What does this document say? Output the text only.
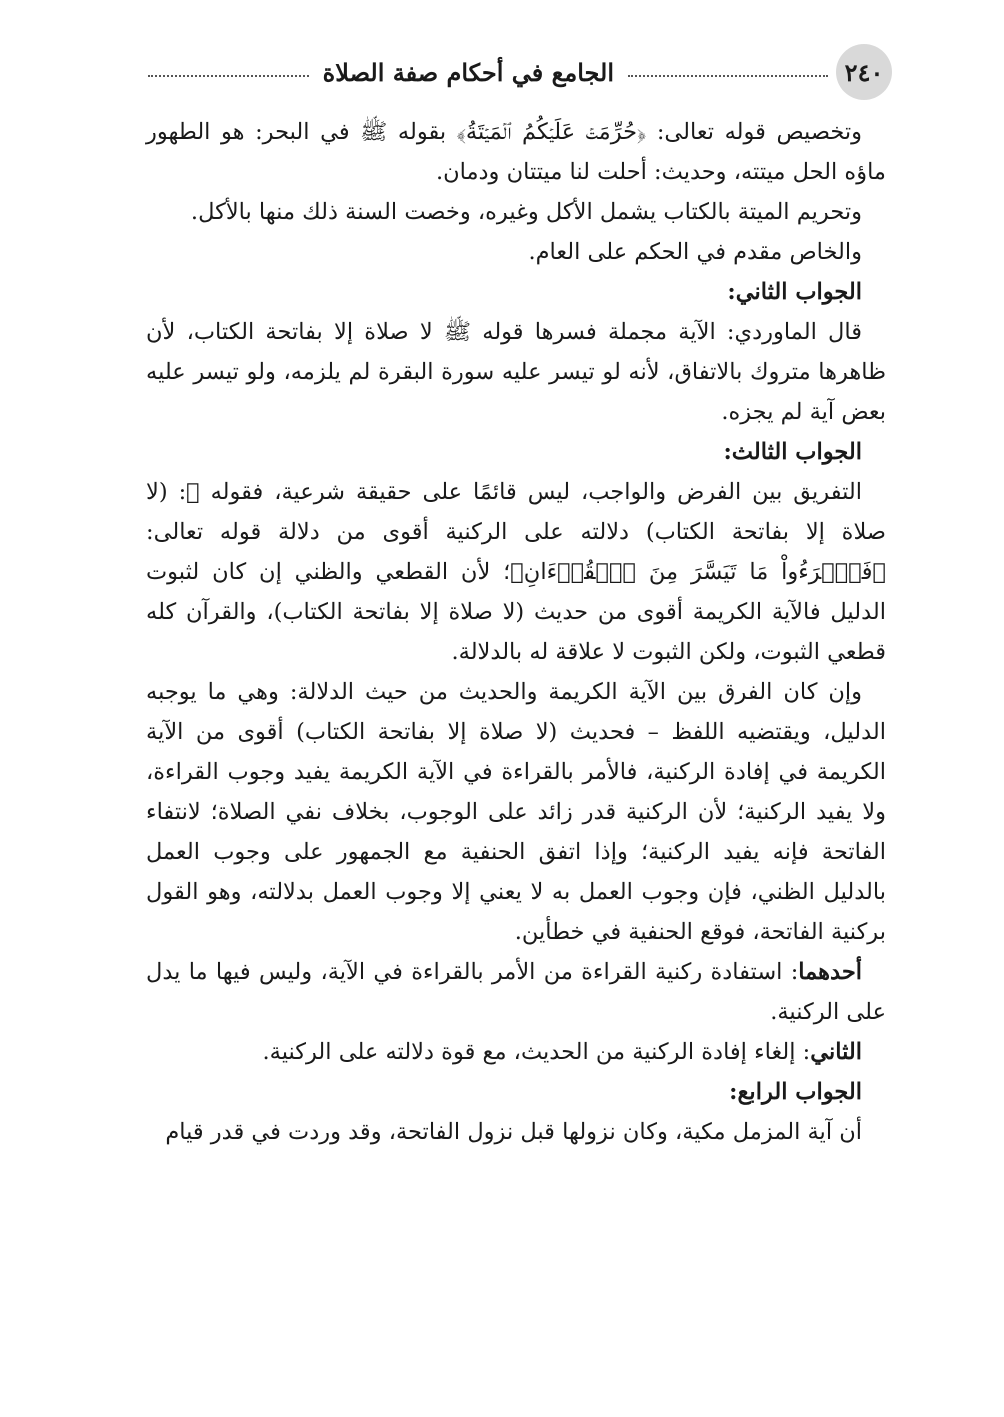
٢٤٠
الجامع في أحكام صفة الصلاة

وتخصيص قوله تعالى: ﴿حُرِّمَتۡ عَلَيۡكُمُ ٱلۡمَيۡتَةُ﴾ بقوله ﷺ في البحر: هو الطهور ماؤه الحل ميتته، وحديث: أحلت لنا ميتتان ودمان.

وتحريم الميتة بالكتاب يشمل الأكل وغيره، وخصت السنة ذلك منها بالأكل.

والخاص مقدم في الحكم على العام.

الجواب الثاني:

قال الماوردي: الآية مجملة فسرها قوله ﷺ لا صلاة إلا بفاتحة الكتاب، لأن ظاهرها متروك بالاتفاق، لأنه لو تيسر عليه سورة البقرة لم يلزمه، ولو تيسر عليه بعض آية لم يجزه.

الجواب الثالث:

التفريق بين الفرض والواجب، ليس قائمًا على حقيقة شرعية، فقوله ﷺ: (لا صلاة إلا بفاتحة الكتاب) دلالته على الركنية أقوى من دلالة قوله تعالى: ﴿فَٱقۡرَءُواْ مَا تَيَسَّرَ مِنَ ٱلۡقُرۡءَانِ﴾؛ لأن القطعي والظني إن كان لثبوت الدليل فالآية الكريمة أقوى من حديث (لا صلاة إلا بفاتحة الكتاب)، والقرآن كله قطعي الثبوت، ولكن الثبوت لا علاقة له بالدلالة.

وإن كان الفرق بين الآية الكريمة والحديث من حيث الدلالة: وهي ما يوجبه الدليل، ويقتضيه اللفظ – فحديث (لا صلاة إلا بفاتحة الكتاب) أقوى من الآية الكريمة في إفادة الركنية، فالأمر بالقراءة في الآية الكريمة يفيد وجوب القراءة، ولا يفيد الركنية؛ لأن الركنية قدر زائد على الوجوب، بخلاف نفي الصلاة؛ لانتفاء الفاتحة فإنه يفيد الركنية؛ وإذا اتفق الحنفية مع الجمهور على وجوب العمل بالدليل الظني، فإن وجوب العمل به لا يعني إلا وجوب العمل بدلالته، وهو القول بركنية الفاتحة، فوقع الحنفية في خطأين.

أحدهما: استفادة ركنية القراءة من الأمر بالقراءة في الآية، وليس فيها ما يدل على الركنية.

الثاني: إلغاء إفادة الركنية من الحديث، مع قوة دلالته على الركنية.

الجواب الرابع:

أن آية المزمل مكية، وكان نزولها قبل نزول الفاتحة، وقد وردت في قدر قيام
